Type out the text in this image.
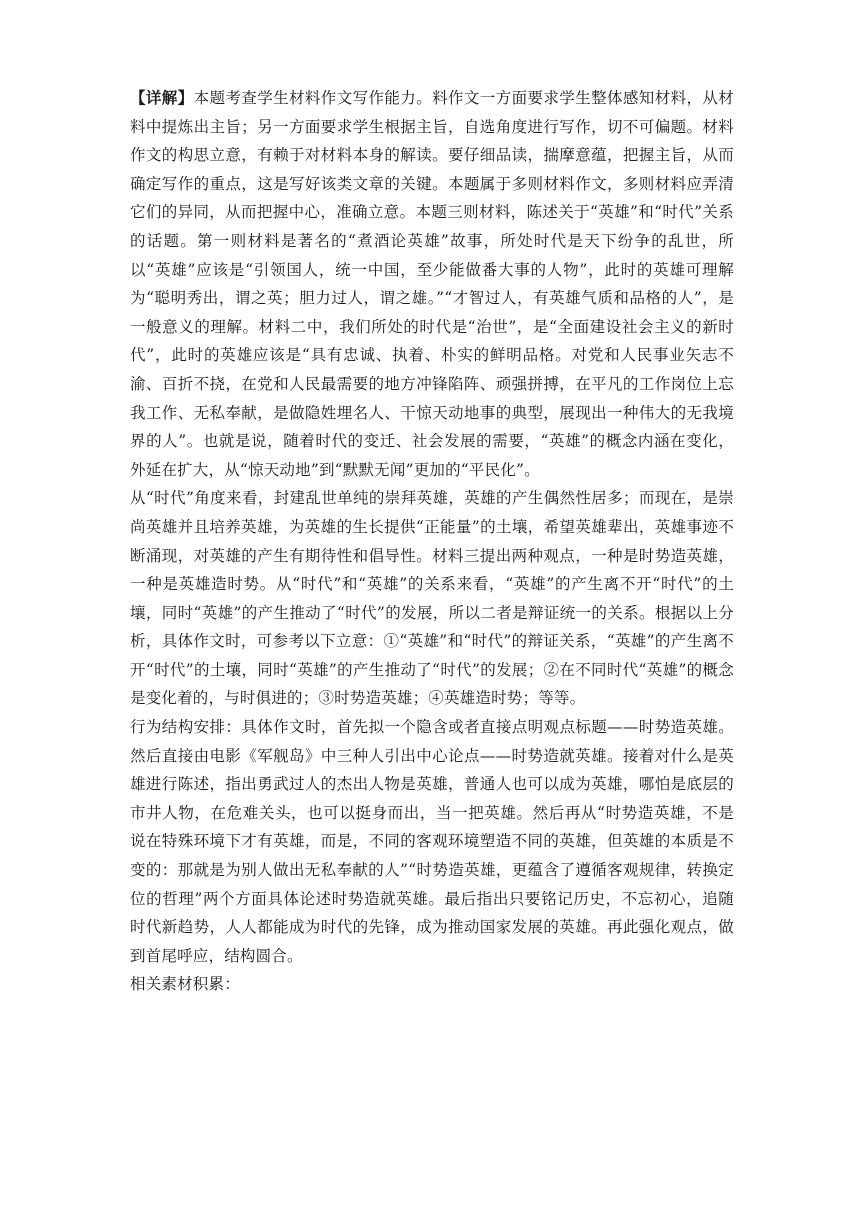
【详解】本题考查学生材料作文写作能力。料作文一方面要求学生整体感知材料，从材料中提炼出主旨；另一方面要求学生根据主旨，自选角度进行写作，切不可偏题。材料作文的构思立意，有赖于对材料本身的解读。要仔细品读，揣摩意蕴，把握主旨，从而确定写作的重点，这是写好该类文章的关键。本题属于多则材料作文，多则材料应弄清它们的异同，从而把握中心，准确立意。本题三则材料，陈述关于“英雄”和“时代”关系的话题。第一则材料是著名的“煮酒论英雄”故事，所处时代是天下纷争的乱世，所以“英雄”应该是“引领国人，统一中国，至少能做番大事的人物”，此时的英雄可理解为“聪明秀出，谓之英；胆力过人，谓之雄。”“才智过人，有英雄气质和品格的人”，是一般意义的理解。材料二中，我们所处的时代是“治世”，是“全面建设社会主义的新时代”，此时的英雄应该是“具有忠诚、执着、朴实的鲜明品格。对党和人民事业矢志不渝、百折不挠，在党和人民最需要的地方冲锋陷阵、顽强拼搏，在平凡的工作岗位上忘我工作、无私奉献，是做隐姓埋名人、干惊天动地事的典型，展现出一种伟大的无我境界的人”。也就是说，随着时代的变迁、社会发展的需要，“英雄”的概念内涵在变化，外延在扩大，从“惊天动地”到“默默无闻”更加的“平民化”。

从“时代”角度来看，封建乱世单纯的崇拜英雄，英雄的产生偶然性居多；而现在，是崇尚英雄并且培养英雄，为英雄的生长提供“正能量”的土壤，希望英雄辈出，英雄事迹不断涌现，对英雄的产生有期待性和倡导性。材料三提出两种观点，一种是时势造英雄，一种是英雄造时势。从“时代”和“英雄”的关系来看，“英雄”的产生离不开“时代”的土壤，同时“英雄”的产生推动了“时代”的发展，所以二者是辩证统一的关系。根据以上分析，具体作文时，可参考以下立意：①“英雄”和“时代”的辩证关系，“英雄”的产生离不开“时代”的土壤，同时“英雄”的产生推动了“时代”的发展；②在不同时代“英雄”的概念是变化着的，与时俱进的；③时势造英雄；④英雄造时势；等等。

行为结构安排：具体作文时，首先拟一个隐含或者直接点明观点标题——时势造英雄。然后直接由电影《军舰岛》中三种人引出中心论点——时势造就英雄。接着对什么是英雄进行陈述，指出勇武过人的杰出人物是英雄，普通人也可以成为英雄，哪怕是底层的市井人物，在危难关头，也可以挺身而出，当一把英雄。然后再从“时势造英雄，不是说在特殊环境下才有英雄，而是，不同的客观环境塑造不同的英雄，但英雄的本质是不变的：那就是为别人做出无私奉献的人”“时势造英雄，更蕴含了遵循客观规律，转换定位的哲理”两个方面具体论述时势造就英雄。最后指出只要铭记历史，不忘初心，追随时代新趋势，人人都能成为时代的先锋，成为推动国家发展的英雄。再此强化观点，做到首尾呼应，结构圆合。

相关素材积累：
